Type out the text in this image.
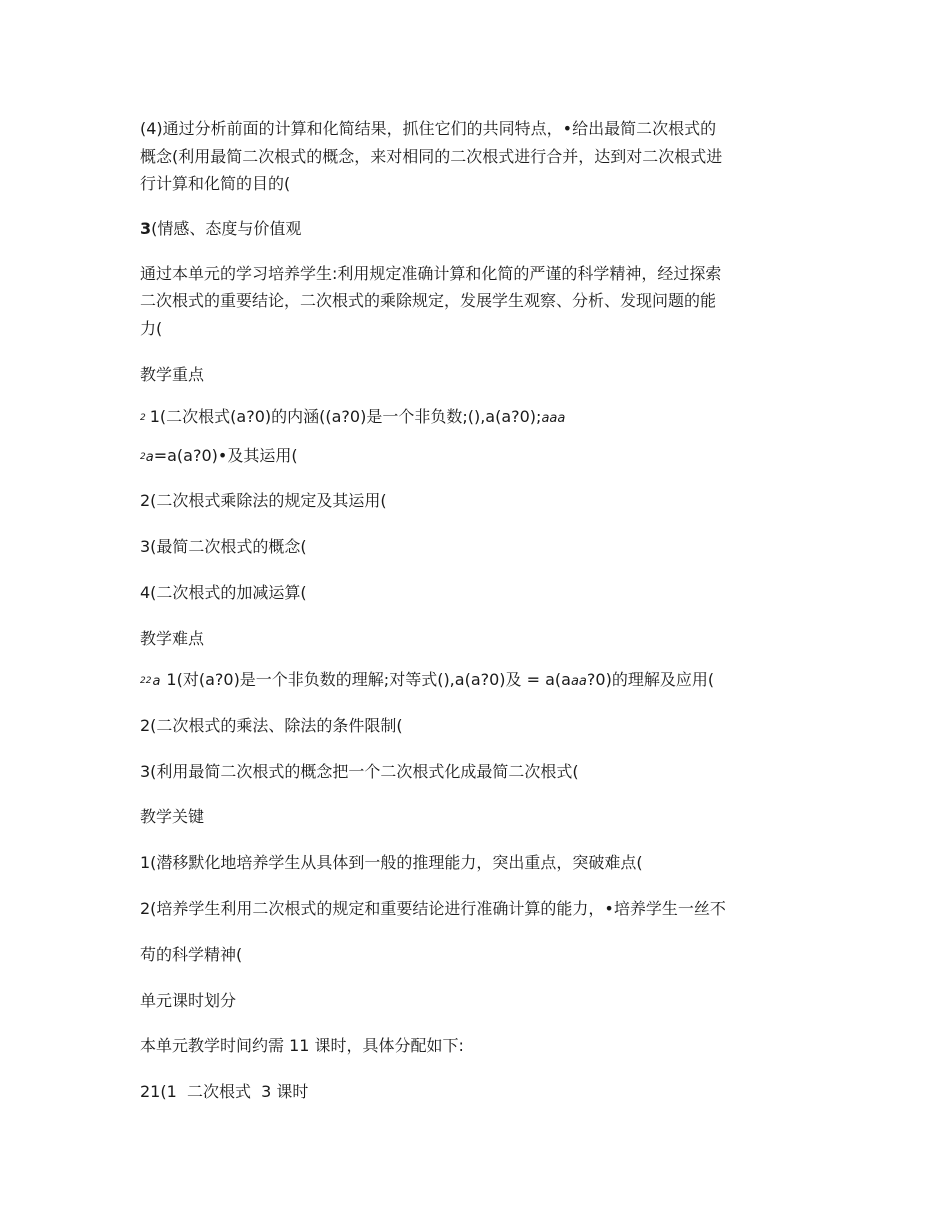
(4)通过分析前面的计算和化简结果，抓住它们的共同特点，•给出最简二次根式的
概念(利用最简二次根式的概念，来对相同的二次根式进行合并，达到对二次根式进
行计算和化简的目的(
3(情感、态度与价值观
通过本单元的学习培养学生:利用规定准确计算和化简的严谨的科学精神，经过探索
二次根式的重要结论，二次根式的乘除规定，发展学生观察、分析、发现问题的能
力(
教学重点
$^2$ 1(二次根式(a?0)的内涵((a?0)是一个非负数;(),a(a?0);aaa
$^2$a=a(a?0)•及其运用(
2(二次根式乘除法的规定及其运用(
3(最简二次根式的概念(
4(二次根式的加减运算(
教学难点
$^{22}$a 1(对(a?0)是一个非负数的理解;对等式(),a(a?0)及 = a(aaa?0)的理解及应用(
2(二次根式的乘法、除法的条件限制(
3(利用最简二次根式的概念把一个二次根式化成最简二次根式(
教学关键
1(潜移默化地培养学生从具体到一般的推理能力，突出重点，突破难点(
2(培养学生利用二次根式的规定和重要结论进行准确计算的能力，•培养学生一丝不
苟的科学精神(
单元课时划分
本单元教学时间约需 11 课时，具体分配如下:
21(1  二次根式  3 课时
